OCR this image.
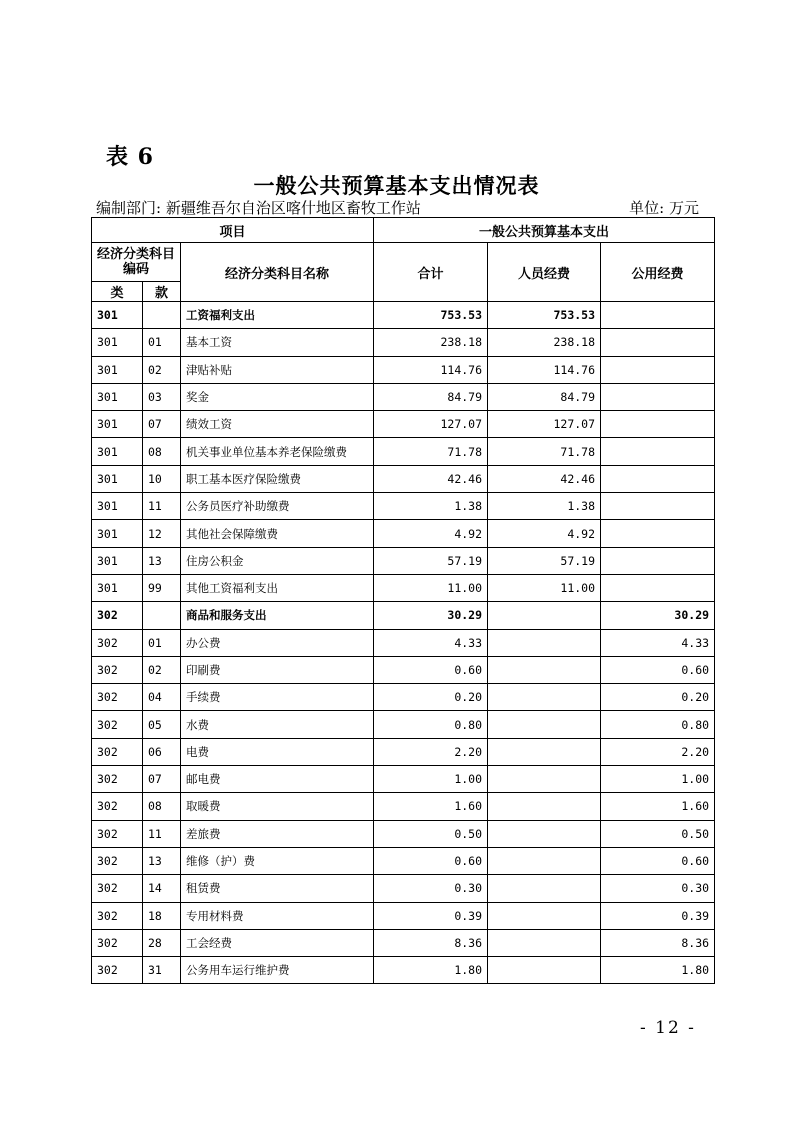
表 6
一般公共预算基本支出情况表
编制部门: 新疆维吾尔自治区喀什地区畜牧工作站	单位: 万元
项目			一般公共预算基本支出		
经济分类科目编码		经济分类科目名称	合计	人员经费	公用经费
类	款				
301		工资福利支出	753.53	753.53	
301	01	基本工资	238.18	238.18	
301	02	津贴补贴	114.76	114.76	
301	03	奖金	84.79	84.79	
301	07	绩效工资	127.07	127.07	
301	08	机关事业单位基本养老保险缴费	71.78	71.78	
301	10	职工基本医疗保险缴费	42.46	42.46	
301	11	公务员医疗补助缴费	1.38	1.38	
301	12	其他社会保障缴费	4.92	4.92	
301	13	住房公积金	57.19	57.19	
301	99	其他工资福利支出	11.00	11.00	
302		商品和服务支出	30.29		30.29
302	01	办公费	4.33		4.33
302	02	印刷费	0.60		0.60
302	04	手续费	0.20		0.20
302	05	水费	0.80		0.80
302	06	电费	2.20		2.20
302	07	邮电费	1.00		1.00
302	08	取暖费	1.60		1.60
302	11	差旅费	0.50		0.50
302	13	维修（护）费	0.60		0.60
302	14	租赁费	0.30		0.30
302	18	专用材料费	0.39		0.39
302	28	工会经费	8.36		8.36
302	31	公务用车运行维护费	1.80		1.80
- 12 -
